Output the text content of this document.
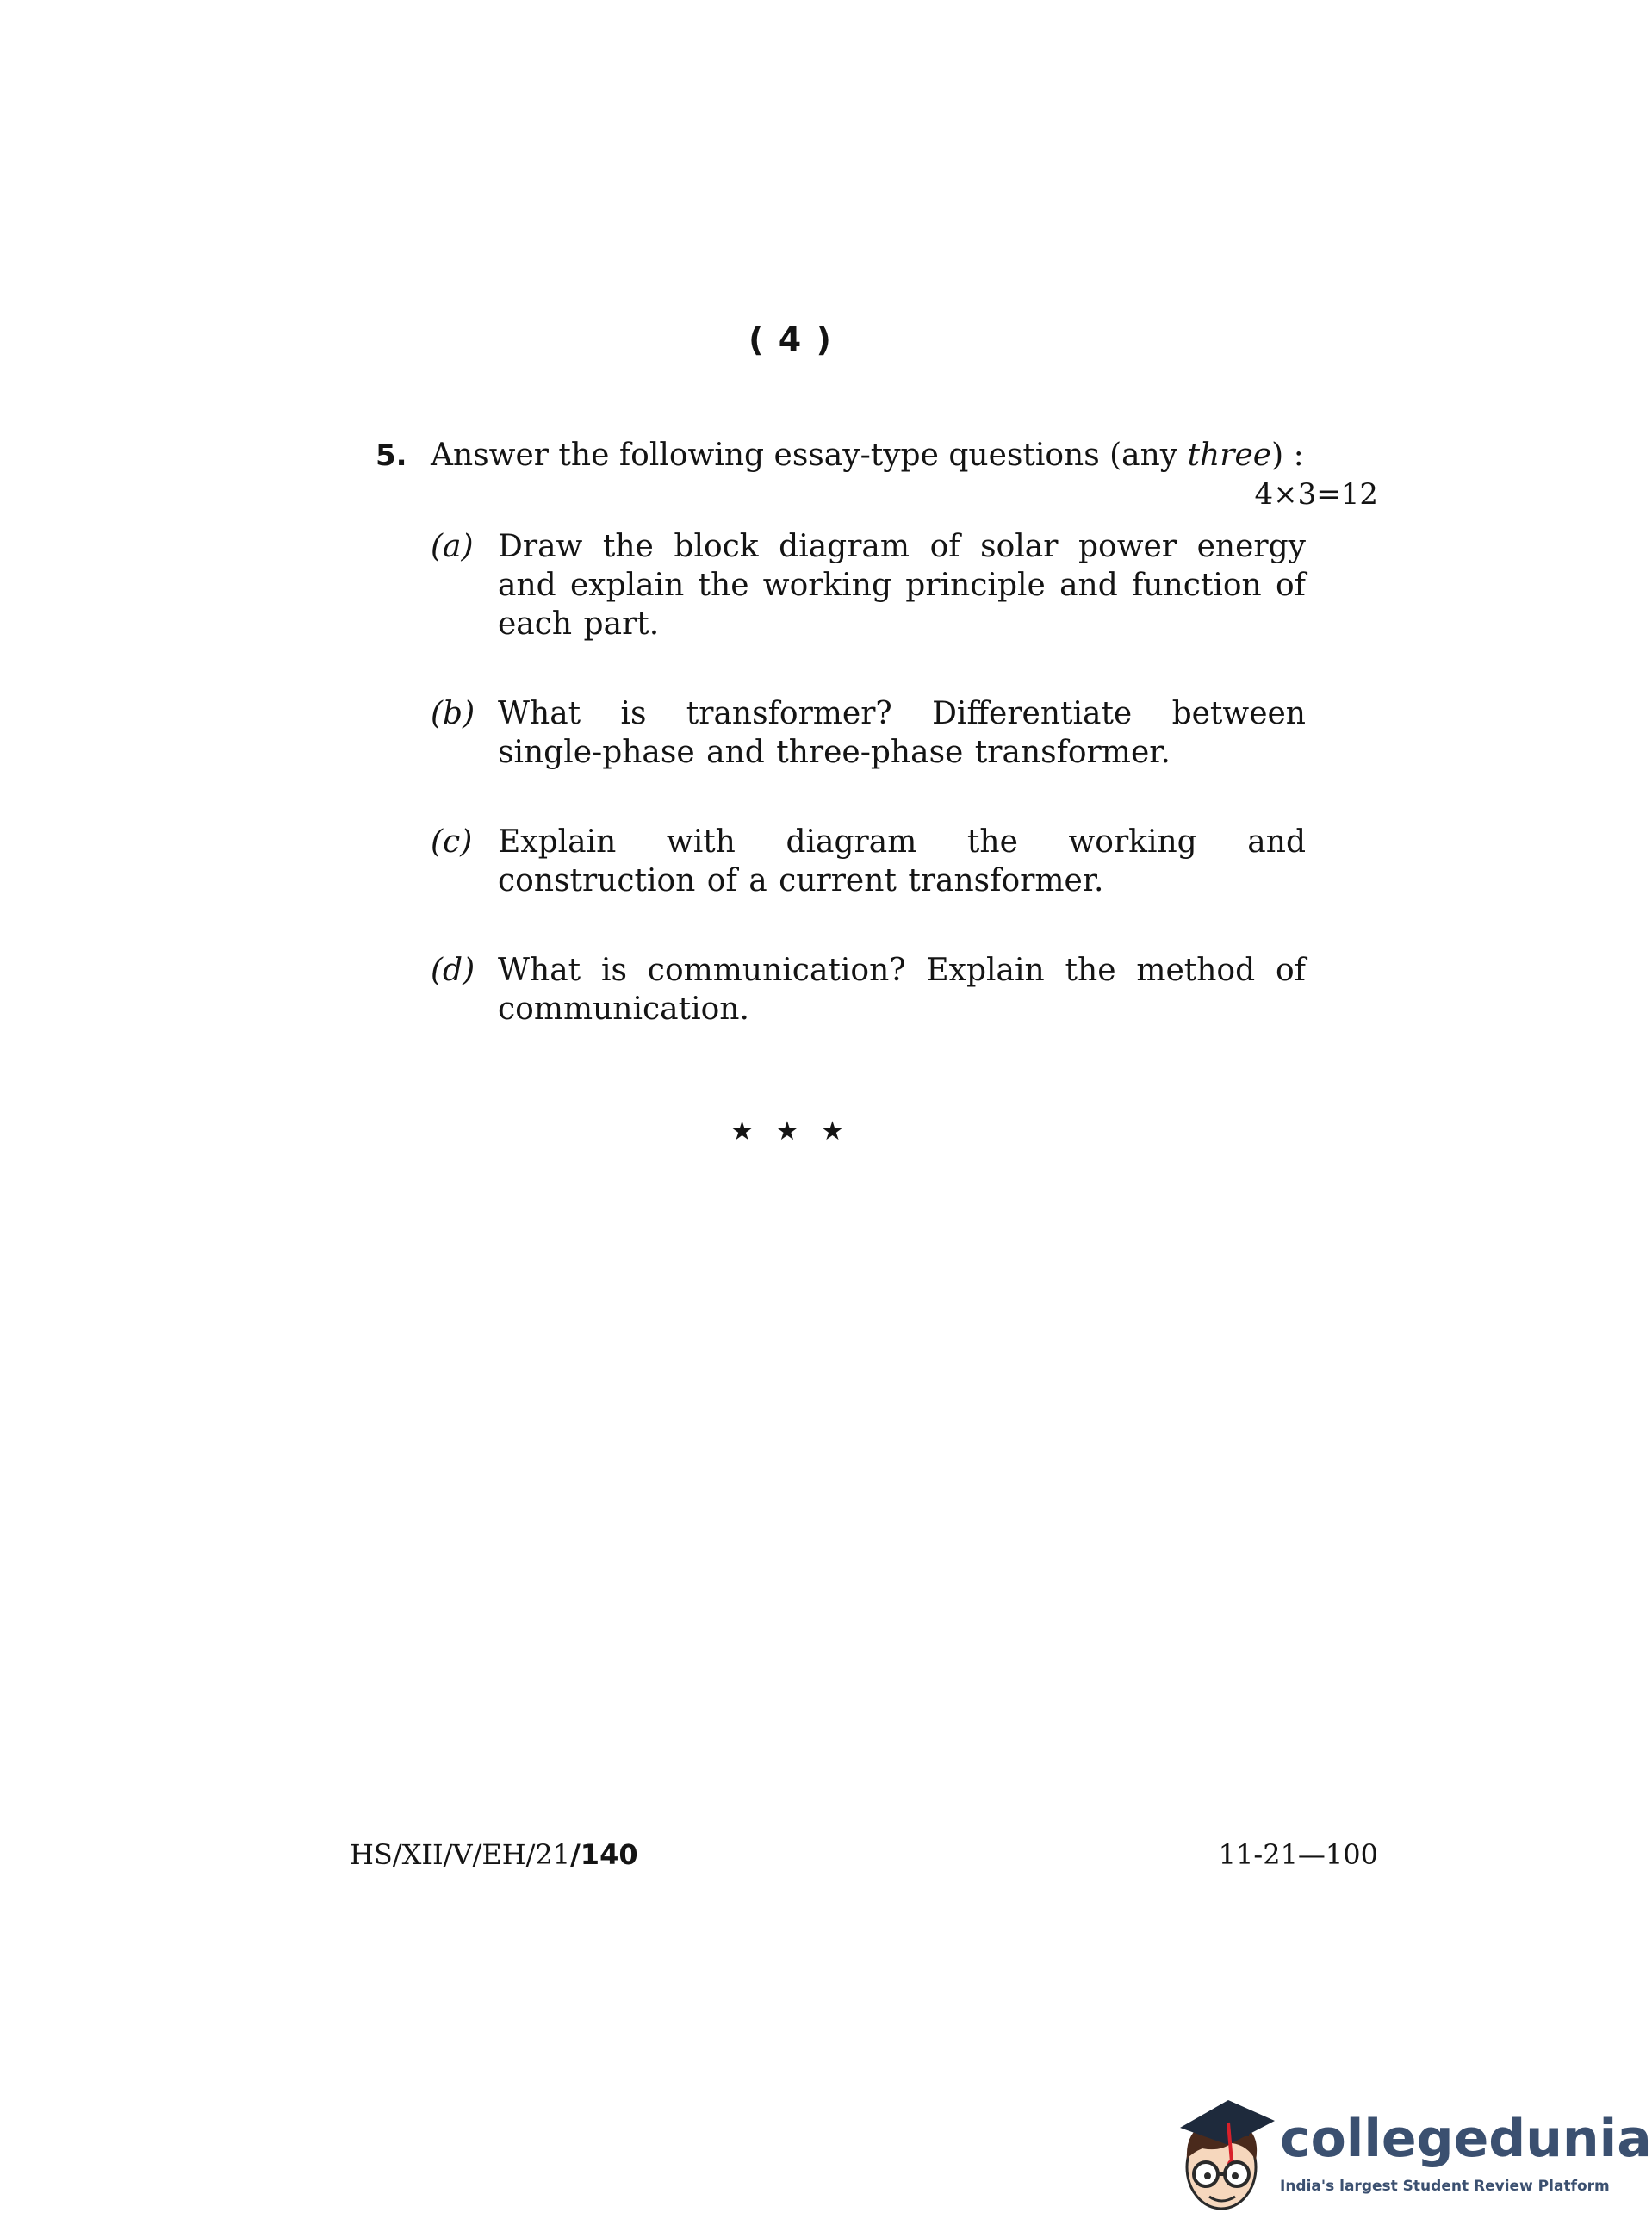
( 4 )
5. Answer the following essay-type questions (any three) :
4×3=12
(a) Draw the block diagram of solar power energy and explain the working principle and function of each part.
(b) What is transformer? Differentiate between single-phase and three-phase transformer.
(c) Explain with diagram the working and construction of a current transformer.
(d) What is communication? Explain the method of communication.
★ ★ ★
HS/XII/V/EH/21/140	11-21—100
collegedunia
India's largest Student Review Platform
